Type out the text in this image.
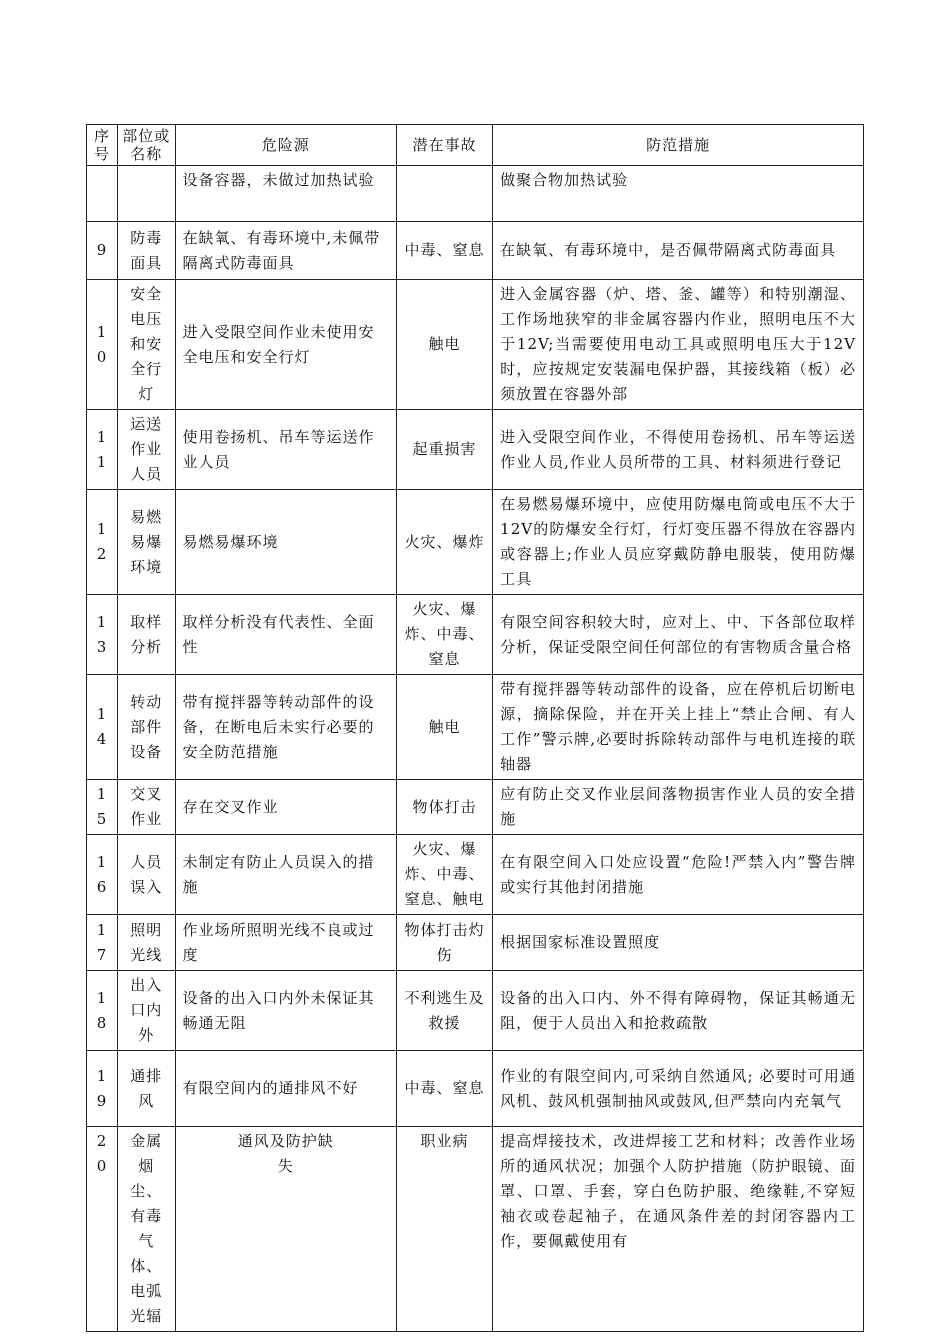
序号	部位或名称	危险源	潜在事故	防范措施
		设备容器，未做过加热试验		做聚合物加热试验
9	防毒面具	在缺氧、有毒环境中,未佩带隔离式防毒面具	中毒、窒息	在缺氧、有毒环境中，是否佩带隔离式防毒面具
10	安全电压和安全行灯	进入受限空间作业未使用安全电压和安全行灯	触电	进入金属容器（炉、塔、釜、罐等）和特别潮湿、工作场地狭窄的非金属容器内作业，照明电压不大于12V;当需要使用电动工具或照明电压大于12V时，应按规定安装漏电保护器，其接线箱（板）必须放置在容器外部
11	运送作业人员	使用卷扬机、吊车等运送作业人员	起重损害	进入受限空间作业，不得使用卷扬机、吊车等运送作业人员,作业人员所带的工具、材料须进行登记
12	易燃易爆环境	易燃易爆环境	火灾、爆炸	在易燃易爆环境中，应使用防爆电筒或电压不大于12V的防爆安全行灯，行灯变压器不得放在容器内或容器上;作业人员应穿戴防静电服装，使用防爆工具
13	取样分析	取样分析没有代表性、全面性	火灾、爆炸、中毒、窒息	有限空间容积较大时，应对上、中、下各部位取样分析，保证受限空间任何部位的有害物质含量合格
14	转动部件设备	带有搅拌器等转动部件的设备，在断电后未实行必要的安全防范措施	触电	带有搅拌器等转动部件的设备，应在停机后切断电源，摘除保险，并在开关上挂上“禁止合闸、有人工作”警示牌,必要时拆除转动部件与电机连接的联轴器
15	交叉作业	存在交叉作业	物体打击	应有防止交叉作业层间落物损害作业人员的安全措施
16	人员误入	未制定有防止人员误入的措施	火灾、爆炸、中毒、窒息、触电	在有限空间入口处应设置“危险!严禁入内”警告牌或实行其他封闭措施
17	照明光线	作业场所照明光线不良或过度	物体打击灼伤	根据国家标准设置照度
18	出入口内外	设备的出入口内外未保证其畅通无阻	不利逃生及救援	设备的出入口内、外不得有障碍物，保证其畅通无阻，便于人员出入和抢救疏散
19	通排风	有限空间内的通排风不好	中毒、窒息	作业的有限空间内,可采纳自然通风; 必要时可用通风机、鼓风机强制抽风或鼓风,但严禁向内充氧气
20	金属烟尘、有毒气体、电弧光辐	通风及防护缺失	职业病	提高焊接技术，改进焊接工艺和材料；改善作业场所的通风状况；加强个人防护措施（防护眼镜、面罩、口罩、手套，穿白色防护服、绝缘鞋,不穿短袖衣或卷起袖子，在通风条件差的封闭容器内工作，要佩戴使用有
